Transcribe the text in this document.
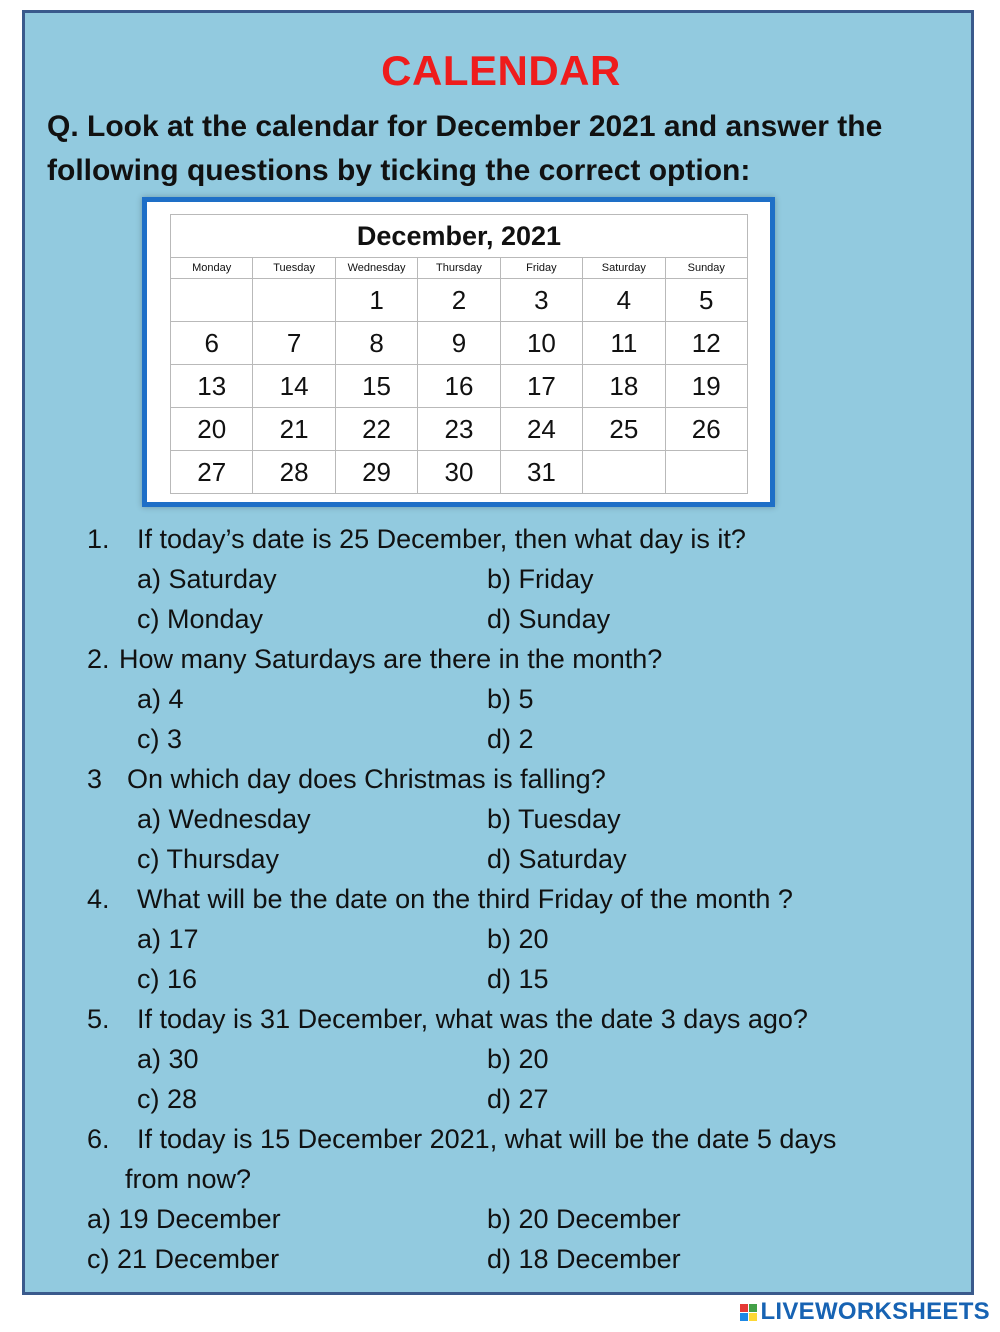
CALENDAR
Q. Look at the calendar for December 2021 and answer the following questions by ticking the correct option:
December, 2021						
Monday	Tuesday	Wednesday	Thursday	Friday	Saturday	Sunday
		1	2	3	4	5
6	7	8	9	10	11	12
13	14	15	16	17	18	19
20	21	22	23	24	25	26
27	28	29	30	31		
1. If today’s date is 25 December, then what day is it?
a) Saturday	b) Friday
c) Monday	d) Sunday
2. How many Saturdays are there in the month?
a) 4	b) 5
c) 3	d) 2
3 On which day does Christmas is falling?
a) Wednesday	b) Tuesday
c) Thursday	d) Saturday
4. What will be the date on the third Friday of the month ?
a) 17	b) 20
c) 16	d) 15
5. If today is 31 December, what was the date 3 days ago?
a) 30	b) 20
c) 28	d) 27
6. If today is 15 December 2021, what will be the date 5 days
from now?
a) 19 December	b) 20 December
c) 21 December	d) 18 December
LIVEWORKSHEETS
